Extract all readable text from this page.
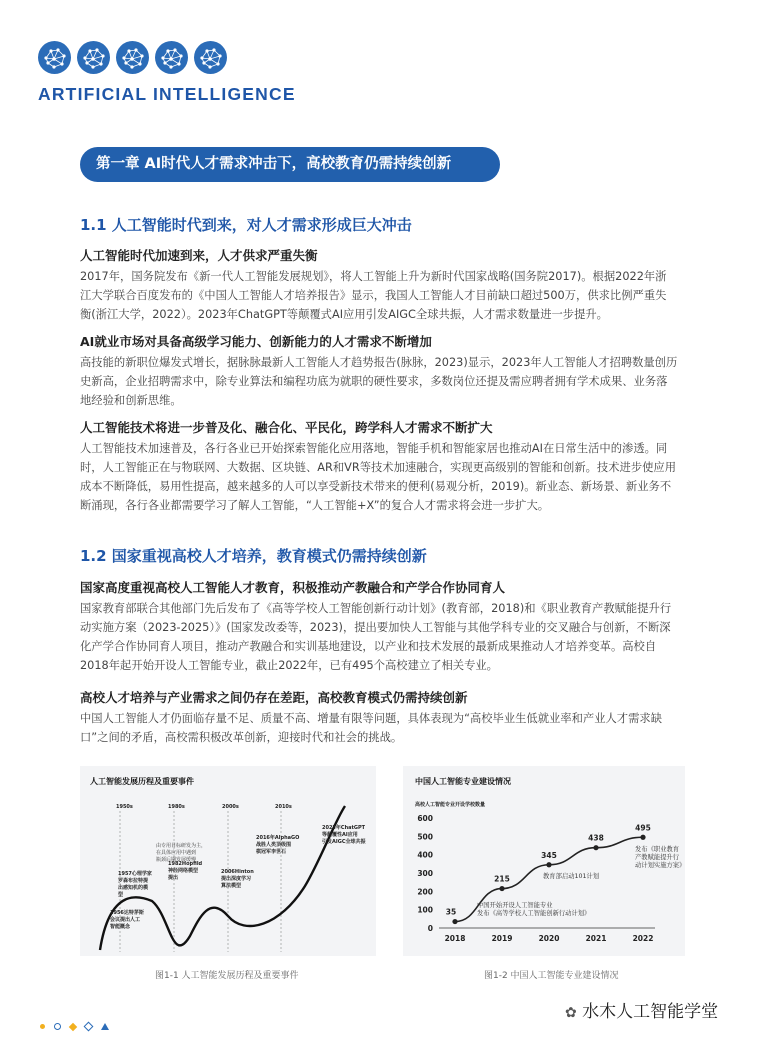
ARTIFICIAL INTELLIGENCE
第一章 AI时代人才需求冲击下，高校教育仍需持续创新
1.1 人工智能时代到来，对人才需求形成巨大冲击
人工智能时代加速到来，人才供求严重失衡
2017年，国务院发布《新一代人工智能发展规划》，将人工智能上升为新时代国家战略(国务院2017)。根据2022年浙
江大学联合百度发布的《中国人工智能人才培养报告》显示，我国人工智能人才目前缺口超过500万，供求比例严重失
衡(浙江大学，2022）。2023年ChatGPT等颠覆式AI应用引发AIGC全球共振，人才需求数量进一步提升。
AI就业市场对具备高级学习能力、创新能力的人才需求不断增加
高技能的新职位爆发式增长，据脉脉最新人工智能人才趋势报告(脉脉，2023)显示，2023年人工智能人才招聘数量创历
史新高，企业招聘需求中，除专业算法和编程功底为就职的硬性要求，多数岗位还提及需应聘者拥有学术成果、业务落
地经验和创新思维。
人工智能技术将进一步普及化、融合化、平民化，跨学科人才需求不断扩大
人工智能技术加速普及，各行各业已开始探索智能化应用落地，智能手机和智能家居也推动AI在日常生活中的渗透。同
时，人工智能正在与物联网、大数据、区块链、AR和VR等技术加速融合，实现更高级别的智能和创新。技术进步使应用
成本不断降低，易用性提高，越来越多的人可以享受新技术带来的便利(易观分析，2019)。新业态、新场景、新业务不
断涌现，各行各业都需要学习了解人工智能，“人工智能+X”的复合人才需求将会进一步扩大。
1.2 国家重视高校人才培养，教育模式仍需持续创新
国家高度重视高校人工智能人才教育，积极推动产教融合和产学合作协同育人
国家教育部联合其他部门先后发布了《高等学校人工智能创新行动计划》(教育部，2018)和《职业教育产教赋能提升行
动实施方案（2023-2025）》(国家发改委等，2023)，提出要加快人工智能与其他学科专业的交叉融合与创新，不断深
化产学合作协同育人项目，推动产教融合和实训基地建设，以产业和技术发展的最新成果推动人才培养变革。高校自
2018年起开始开设人工智能专业，截止2022年，已有495个高校建立了相关专业。
高校人才培养与产业需求之间仍存在差距，高校教育模式仍需持续创新
中国人工智能人才仍面临存量不足、质量不高、增量有限等问题，具体表现为“高校毕业生低就业率和产业人才需求缺
口”之间的矛盾，高校需积极改革创新，迎接时代和社会的挑战。
人工智能发展历程及重要事件
1950s	1980s	2000s	2010s
由专用目标研发为主，
在具体应用中遇到
瓶颈后期发展缓慢
1956达特茅斯
会议提出人工
智能概念
1957心理学家
罗森布拉特提
出感知机的模
型
1982Hopfild
神经网络模型
提出
2006Hinton
提出深度学习
算法模型
2016年AlphaGO
战胜人类顶级围
棋冠军李世石
2023年ChatGPT
等颠覆性AI应用
引发AIGC全球共振
图1-1 人工智能发展历程及重要事件
中国人工智能专业建设情况
高校人工智能专业开设学校数量
0
100
200
300
400
500
600
2018	2019	2020	2021	2022
35
215
345
438
495
中国开始开设人工智能专业
发布《高等学校人工智能创新行动计划》
教育部启动101计划
发布《职业教育
产教赋能提升行
动计划实施方案》
图1-2 中国人工智能专业建设情况
✿ 水木人工智能学堂
